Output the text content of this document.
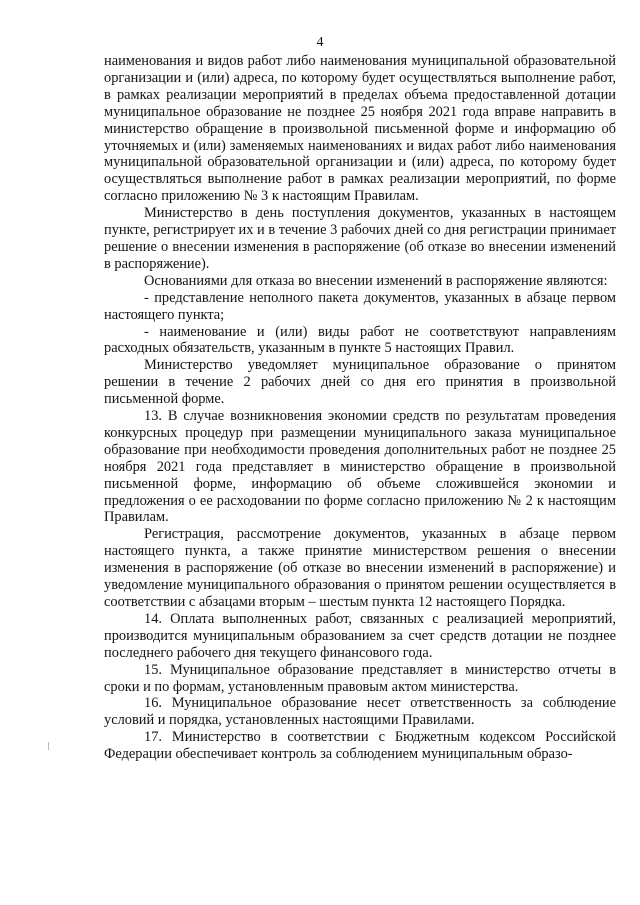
4

наименования и видов работ либо наименования муниципальной образовательной организации и (или) адреса, по которому будет осуществляться выполнение работ, в рамках реализации мероприятий в пределах объема предоставленной дотации муниципальное образование не позднее 25 ноября 2021 года вправе направить в министерство обращение в произвольной письменной форме и информацию об уточняемых и (или) заменяемых наименованиях и видах работ либо наименования муниципальной образовательной организации и (или) адреса, по которому будет осуществляться выполнение работ в рамках реализации мероприятий, по форме согласно приложению № 3 к настоящим Правилам.

Министерство в день поступления документов, указанных в настоящем пункте, регистрирует их и в течение 3 рабочих дней со дня регистрации принимает решение о внесении изменения в распоряжение (об отказе во внесении изменений в распоряжение).

Основаниями для отказа во внесении изменений в распоряжение являются:

- представление неполного пакета документов, указанных в абзаце первом настоящего пункта;

- наименование и (или) виды работ не соответствуют направлениям расходных обязательств, указанным в пункте 5 настоящих Правил.

Министерство уведомляет муниципальное образование о принятом решении в течение 2 рабочих дней со дня его принятия в произвольной письменной форме.

13. В случае возникновения экономии средств по результатам проведения конкурсных процедур при размещении муниципального заказа муниципальное образование при необходимости проведения дополнительных работ не позднее 25 ноября 2021 года представляет в министерство обращение в произвольной письменной форме, информацию об объеме сложившейся экономии и предложения о ее расходовании по форме согласно приложению № 2 к настоящим Правилам.

Регистрация, рассмотрение документов, указанных в абзаце первом настоящего пункта, а также принятие министерством решения о внесении изменения в распоряжение (об отказе во внесении изменений в распоряжение) и уведомление муниципального образования о принятом решении осуществляется в соответствии с абзацами вторым – шестым пункта 12 настоящего Порядка.

14. Оплата выполненных работ, связанных с реализацией мероприятий, производится муниципальным образованием за счет средств дотации не позднее последнего рабочего дня текущего финансового года.

15. Муниципальное образование представляет в министерство отчеты в сроки и по формам, установленным правовым актом министерства.

16. Муниципальное образование несет ответственность за соблюдение условий и порядка, установленных настоящими Правилами.

17. Министерство в соответствии с Бюджетным кодексом Российской Федерации обеспечивает контроль за соблюдением муниципальным образо-
